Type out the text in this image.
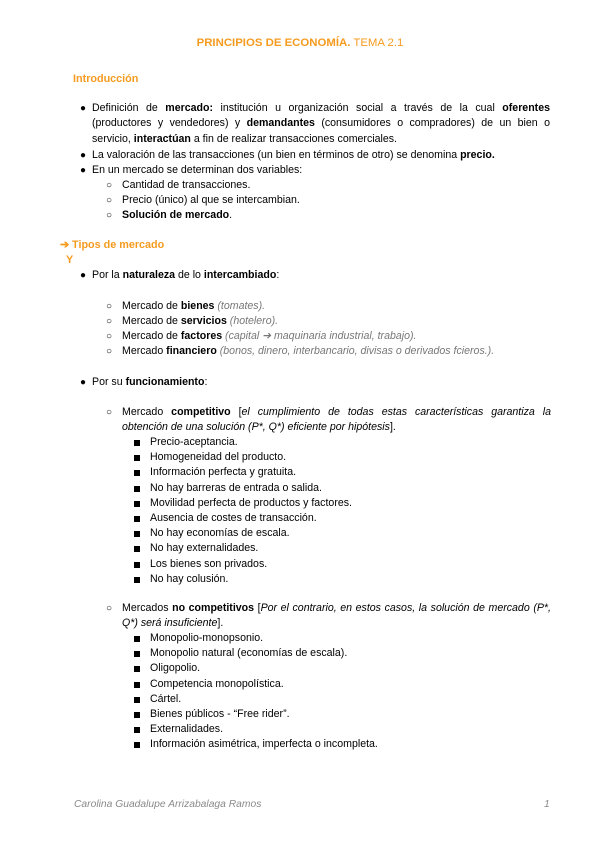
PRINCIPIOS DE ECONOMÍA. TEMA 2.1
Introducción
● Definición de mercado: institución u organización social a través de la cual oferentes (productores y vendedores) y demandantes (consumidores o compradores) de un bien o servicio, interactúan a fin de realizar transacciones comerciales.
● La valoración de las transacciones (un bien en términos de otro) se denomina precio.
● En un mercado se determinan dos variables:
○ Cantidad de transacciones.
○ Precio (único) al que se intercambian.
○ Solución de mercado.
➔ Tipos de mercado
Y
● Por la naturaleza de lo intercambiado:
○ Mercado de bienes (tomates).
○ Mercado de servicios (hotelero).
○ Mercado de factores (capital ➔ maquinaria industrial, trabajo).
○ Mercado financiero (bonos, dinero, interbancario, divisas o derivados fcieros.).
● Por su funcionamiento:
○ Mercado competitivo [el cumplimiento de todas estas características garantiza la obtención de una solución (P*, Q*) eficiente por hipótesis].
Precio-aceptancia.
Homogeneidad del producto.
Información perfecta y gratuita.
No hay barreras de entrada o salida.
Movilidad perfecta de productos y factores.
Ausencia de costes de transacción.
No hay economías de escala.
No hay externalidades.
Los bienes son privados.
No hay colusión.
○ Mercados no competitivos [Por el contrario, en estos casos, la solución de mercado (P*, Q*) será insuficiente].
Monopolio-monopsonio.
Monopolio natural (economías de escala).
Oligopolio.
Competencia monopolística.
Cártel.
Bienes públicos - “Free rider”.
Externalidades.
Información asimétrica, imperfecta o incompleta.
Carolina Guadalupe Arrizabalaga Ramos	1
